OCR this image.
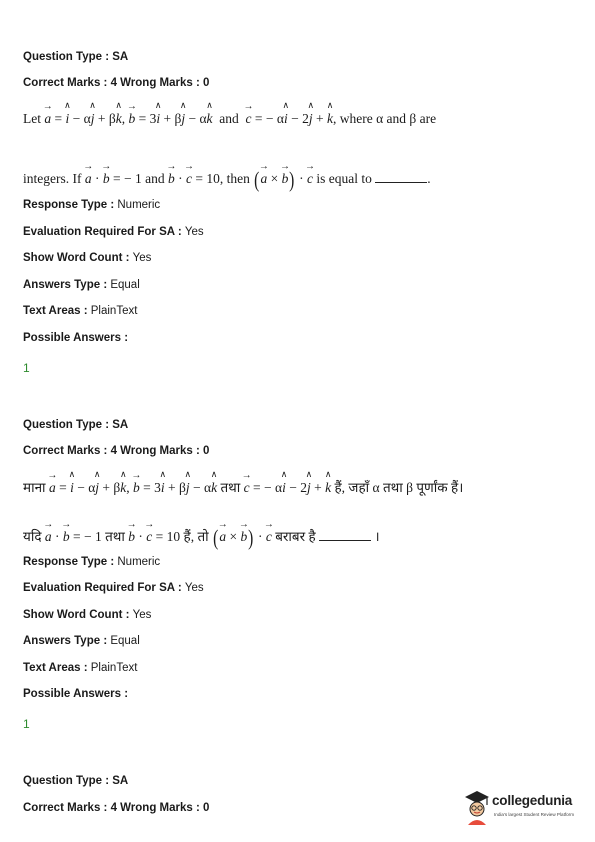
Question Type : SA
Correct Marks : 4 Wrong Marks : 0
Let → a = ∧ i − α∧ j + β∧ k, → b = 3∧ i + β∧ j − α∧ k and → c = − α∧ i − 2∧ j + ∧ k, where α and β are
integers. If → a · → b = − 1 and → b · → c = 10, then (→ a × → b) · → c is equal to	.
Response Type : Numeric
Evaluation Required For SA : Yes
Show Word Count : Yes
Answers Type : Equal
Text Areas : PlainText
Possible Answers :
1
Question Type : SA
Correct Marks : 4 Wrong Marks : 0
माना → a = ∧ i − α∧ j + β∧ k, → b = 3∧ i + β∧ j − α∧ k तथा → c = − α∧ i − 2∧ j + ∧ k हैं, जहाँ α तथा β पूर्णांक हैं।
यदि → a · → b = − 1 तथा → b · → c = 10 हैं, तो (→ a × → b) · → c बराबर है	।
Response Type : Numeric
Evaluation Required For SA : Yes
Show Word Count : Yes
Answers Type : Equal
Text Areas : PlainText
Possible Answers :
1
Question Type : SA
Correct Marks : 4 Wrong Marks : 0	collegedunia
India's largest Student Review Platform
